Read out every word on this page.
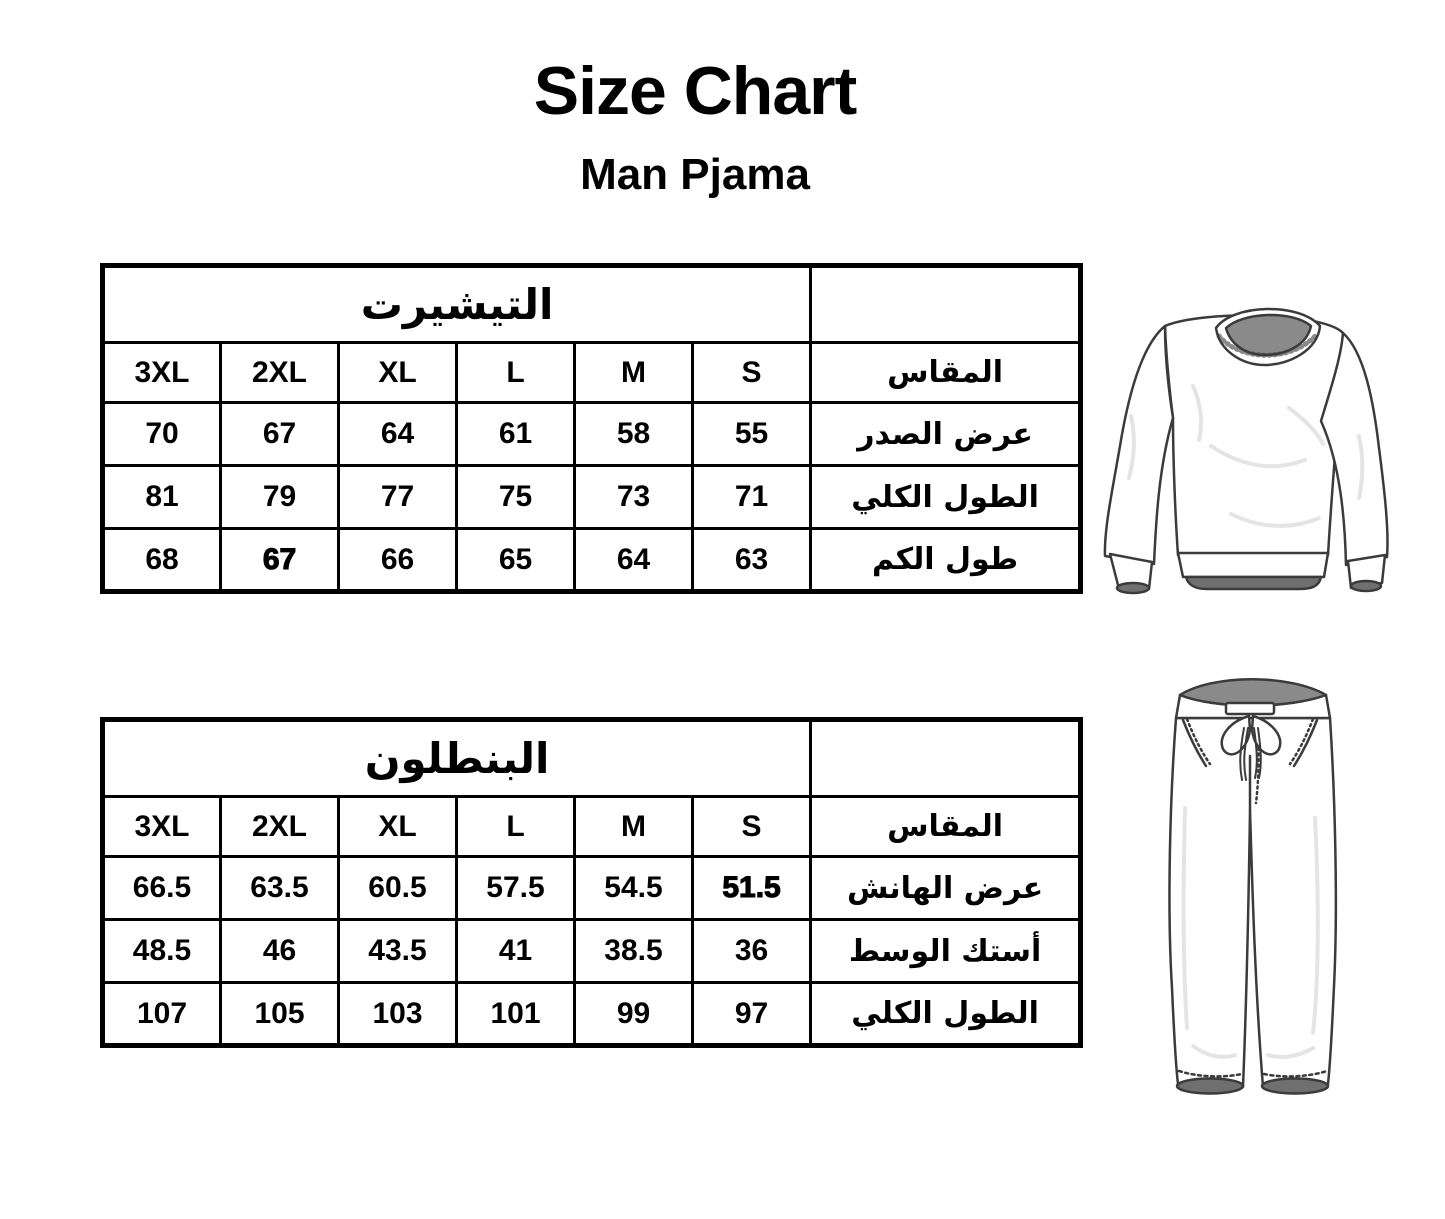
Size Chart
Man Pjama
التيشيرت						
3XL	2XL	XL	L	M	S	المقاس
70	67	64	61	58	55	عرض الصدر
81	79	77	75	73	71	الطول الكلي
68	67	66	65	64	63	طول الكم
البنطلون						
3XL	2XL	XL	L	M	S	المقاس
66.5	63.5	60.5	57.5	54.5	51.5	عرض الهانش
48.5	46	43.5	41	38.5	36	أستك الوسط
107	105	103	101	99	97	الطول الكلي
